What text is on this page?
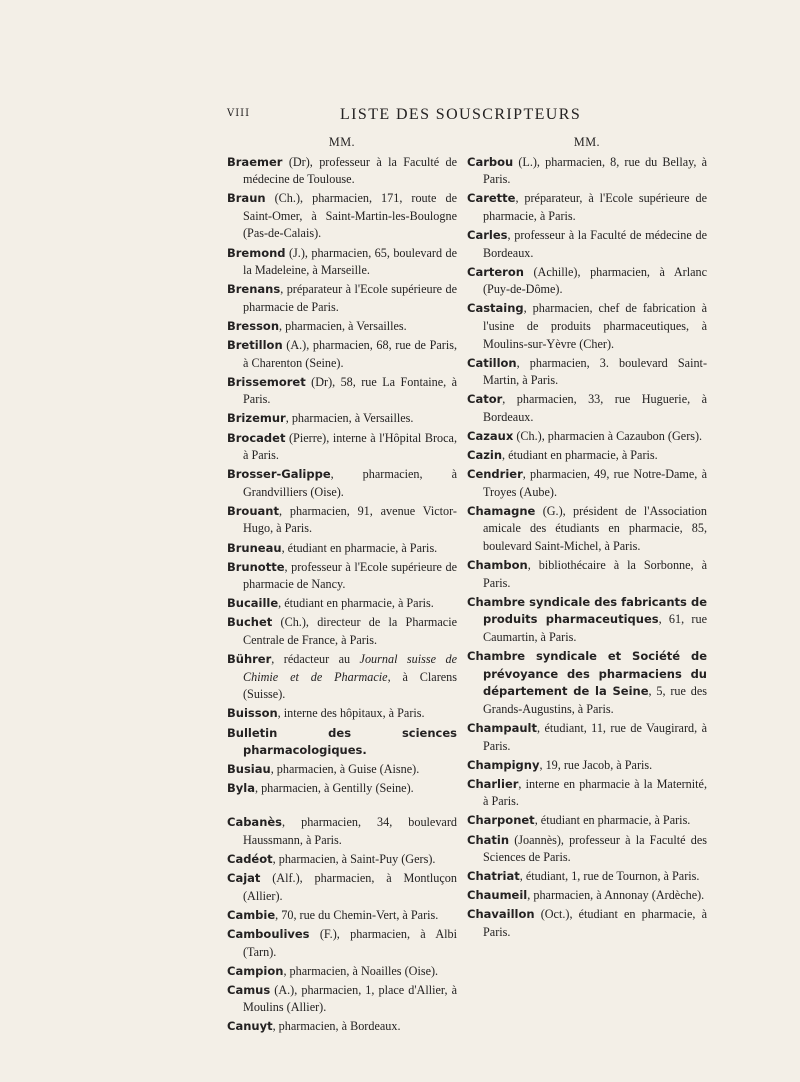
VIII	LISTE DES SOUSCRIPTEURS
MM.

Braemer (Dr), professeur à la Faculté de médecine de Toulouse.

Braun (Ch.), pharmacien, 171, route de Saint-Omer, à Saint-Martin-les-Boulogne (Pas-de-Calais).

Bremond (J.), pharmacien, 65, boulevard de la Madeleine, à Marseille.

Brenans, préparateur à l'Ecole supérieure de pharmacie de Paris.

Bresson, pharmacien, à Versailles.

Bretillon (A.), pharmacien, 68, rue de Paris, à Charenton (Seine).

Brissemoret (Dr), 58, rue La Fontaine, à Paris.

Brizemur, pharmacien, à Versailles.

Brocadet (Pierre), interne à l'Hôpital Broca, à Paris.

Brosser-Galippe, pharmacien, à Grandvilliers (Oise).

Brouant, pharmacien, 91, avenue Victor-Hugo, à Paris.

Bruneau, étudiant en pharmacie, à Paris.

Brunotte, professeur à l'Ecole supérieure de pharmacie de Nancy.

Bucaille, étudiant en pharmacie, à Paris.

Buchet (Ch.), directeur de la Pharmacie Centrale de France, à Paris.

Bührer, rédacteur au Journal suisse de Chimie et de Pharmacie, à Clarens (Suisse).

Buisson, interne des hôpitaux, à Paris.

Bulletin des sciences pharmacologiques.

Busiau, pharmacien, à Guise (Aisne).

Byla, pharmacien, à Gentilly (Seine).

Cabanès, pharmacien, 34, boulevard Haussmann, à Paris.

Cadéot, pharmacien, à Saint-Puy (Gers).

Cajat (Alf.), pharmacien, à Montluçon (Allier).

Cambie, 70, rue du Chemin-Vert, à Paris.

Camboulives (F.), pharmacien, à Albi (Tarn).

Campion, pharmacien, à Noailles (Oise).

Camus (A.), pharmacien, 1, place d'Allier, à Moulins (Allier).

Canuyt, pharmacien, à Bordeaux.

MM.

Carbou (L.), pharmacien, 8, rue du Bellay, à Paris.

Carette, préparateur, à l'Ecole supérieure de pharmacie, à Paris.

Carles, professeur à la Faculté de médecine de Bordeaux.

Carteron (Achille), pharmacien, à Arlanc (Puy-de-Dôme).

Castaing, pharmacien, chef de fabrication à l'usine de produits pharmaceutiques, à Moulins-sur-Yèvre (Cher).

Catillon, pharmacien, 3. boulevard Saint-Martin, à Paris.

Cator, pharmacien, 33, rue Huguerie, à Bordeaux.

Cazaux (Ch.), pharmacien à Cazaubon (Gers).

Cazin, étudiant en pharmacie, à Paris.

Cendrier, pharmacien, 49, rue Notre-Dame, à Troyes (Aube).

Chamagne (G.), président de l'Association amicale des étudiants en pharmacie, 85, boulevard Saint-Michel, à Paris.

Chambon, bibliothécaire à la Sorbonne, à Paris.

Chambre syndicale des fabricants de produits pharmaceutiques, 61, rue Caumartin, à Paris.

Chambre syndicale et Société de prévoyance des pharmaciens du département de la Seine, 5, rue des Grands-Augustins, à Paris.

Champault, étudiant, 11, rue de Vaugirard, à Paris.

Champigny, 19, rue Jacob, à Paris.

Charlier, interne en pharmacie à la Maternité, à Paris.

Charponet, étudiant en pharmacie, à Paris.

Chatin (Joannès), professeur à la Faculté des Sciences de Paris.

Chatriat, étudiant, 1, rue de Tournon, à Paris.

Chaumeil, pharmacien, à Annonay (Ardèche).

Chavaillon (Oct.), étudiant en pharmacie, à Paris.
